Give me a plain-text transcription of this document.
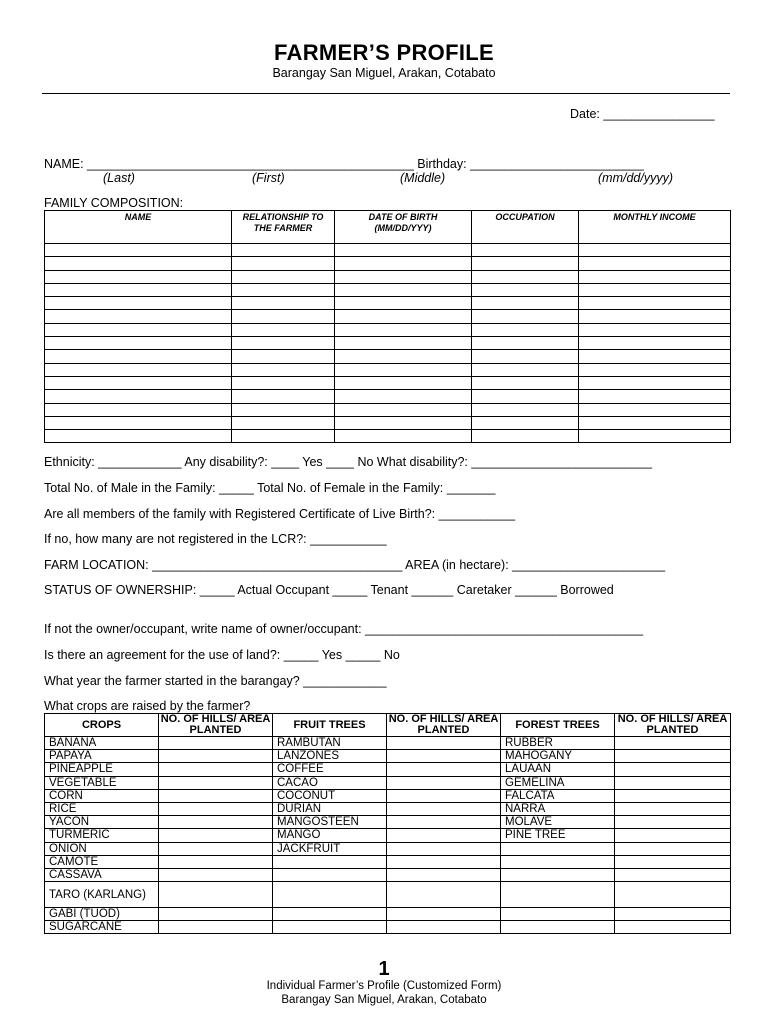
FARMER’S PROFILE
Barangay San Miguel, Arakan, Cotabato
Date: ________________
NAME: _______________________________________________ Birthday: _________________________
(Last)	(First)	(Middle)	(mm/dd/yyyy)
FAMILY COMPOSITION:
NAME	RELATIONSHIP TO THE FARMER	DATE OF BIRTH (MM/DD/YYY)	OCCUPATION	MONTHLY INCOME

Ethnicity: ____________ Any disability?: ____ Yes ____ No What disability?: __________________________
Total No. of Male in the Family: _____ Total No. of Female in the Family: _______
Are all members of the family with Registered Certificate of Live Birth?: ___________
If no, how many are not registered in the LCR?: ___________
FARM LOCATION: ____________________________________ AREA (in hectare): ______________________
STATUS OF OWNERSHIP: _____ Actual Occupant _____ Tenant ______ Caretaker ______ Borrowed
If not the owner/occupant, write name of owner/occupant: ________________________________________
Is there an agreement for the use of land?: _____ Yes _____ No
What year the farmer started in the barangay? ____________
What crops are raised by the farmer?
CROPS	NO. OF HILLS/ AREA PLANTED	FRUIT TREES	NO. OF HILLS/ AREA PLANTED	FOREST TREES	NO. OF HILLS/ AREA PLANTED
BANANA		RAMBUTAN		RUBBER	
PAPAYA		LANZONES		MAHOGANY	
PINEAPPLE		COFFEE		LAUAAN	
VEGETABLE		CACAO		GEMELINA	
CORN		COCONUT		FALCATA	
RICE		DURIAN		NARRA	
YACON		MANGOSTEEN		MOLAVE	
TURMERIC		MANGO		PINE TREE	
ONION		JACKFRUIT			
CAMOTE					
CASSAVA					
TARO (KARLANG)					
GABI (TUOD)					
SUGARCANE					
1
Individual Farmer’s Profile (Customized Form)
Barangay San Miguel, Arakan, Cotabato
